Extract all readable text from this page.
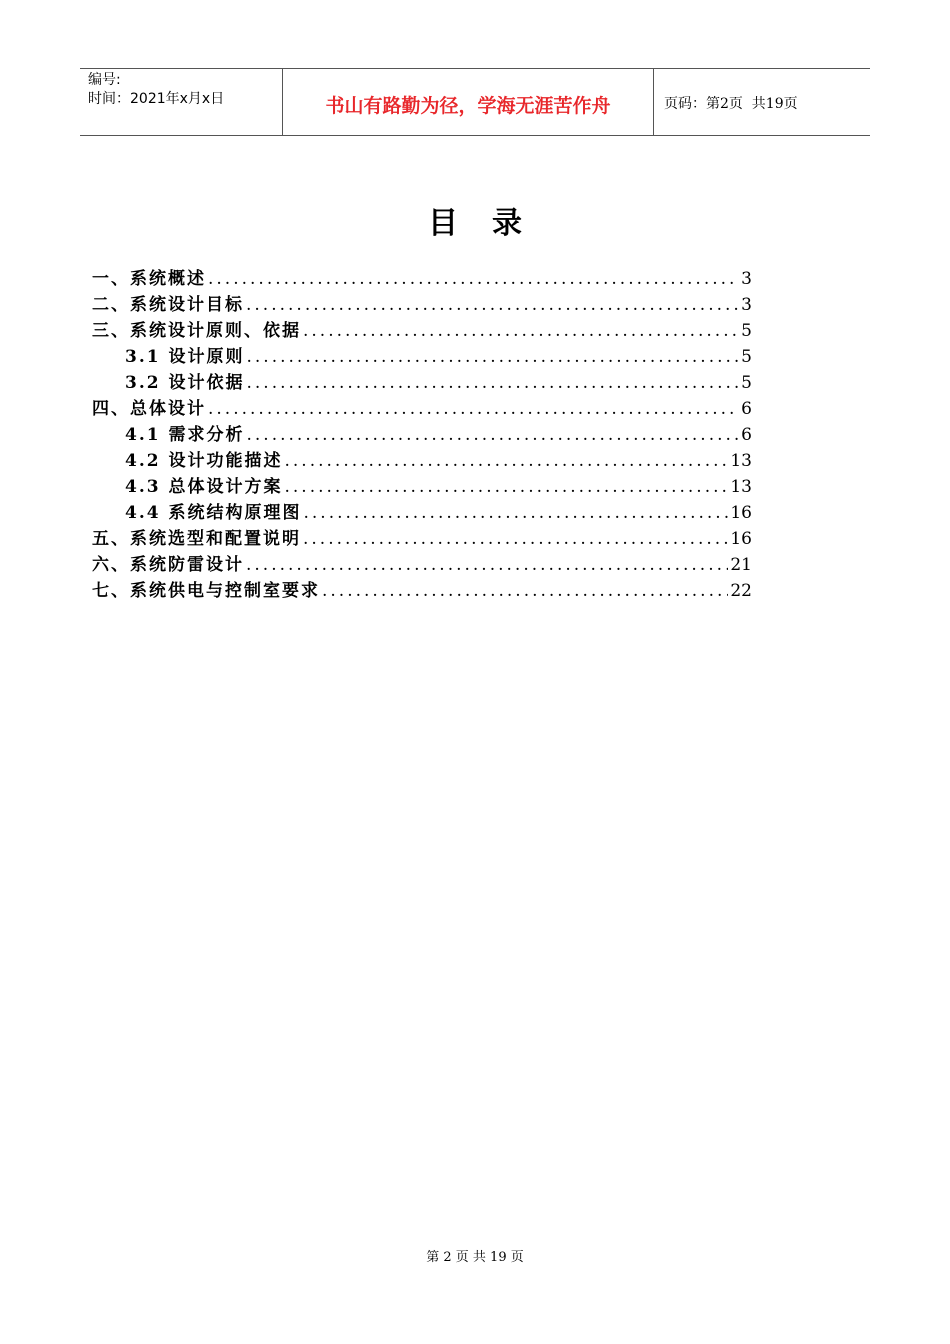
编号:
时间：2021年x月x日	书山有路勤为径，学海无涯苦作舟	页码：第2页  共19页
目录
一、系统概述 .....	3
二、系统设计目标 .....	3
三、系统设计原则、依据 .....	5
3.1 设计原则 .....	5
3.2 设计依据 .....	5
四、总体设计 .....	6
4.1 需求分析 .....	6
4.2 设计功能描述 .....	13
4.3 总体设计方案 .....	13
4.4 系统结构原理图 .....	16
五、系统选型和配置说明 .....	16
六、系统防雷设计 .....	21
七、系统供电与控制室要求 .....	22
第 2 页 共 19 页
